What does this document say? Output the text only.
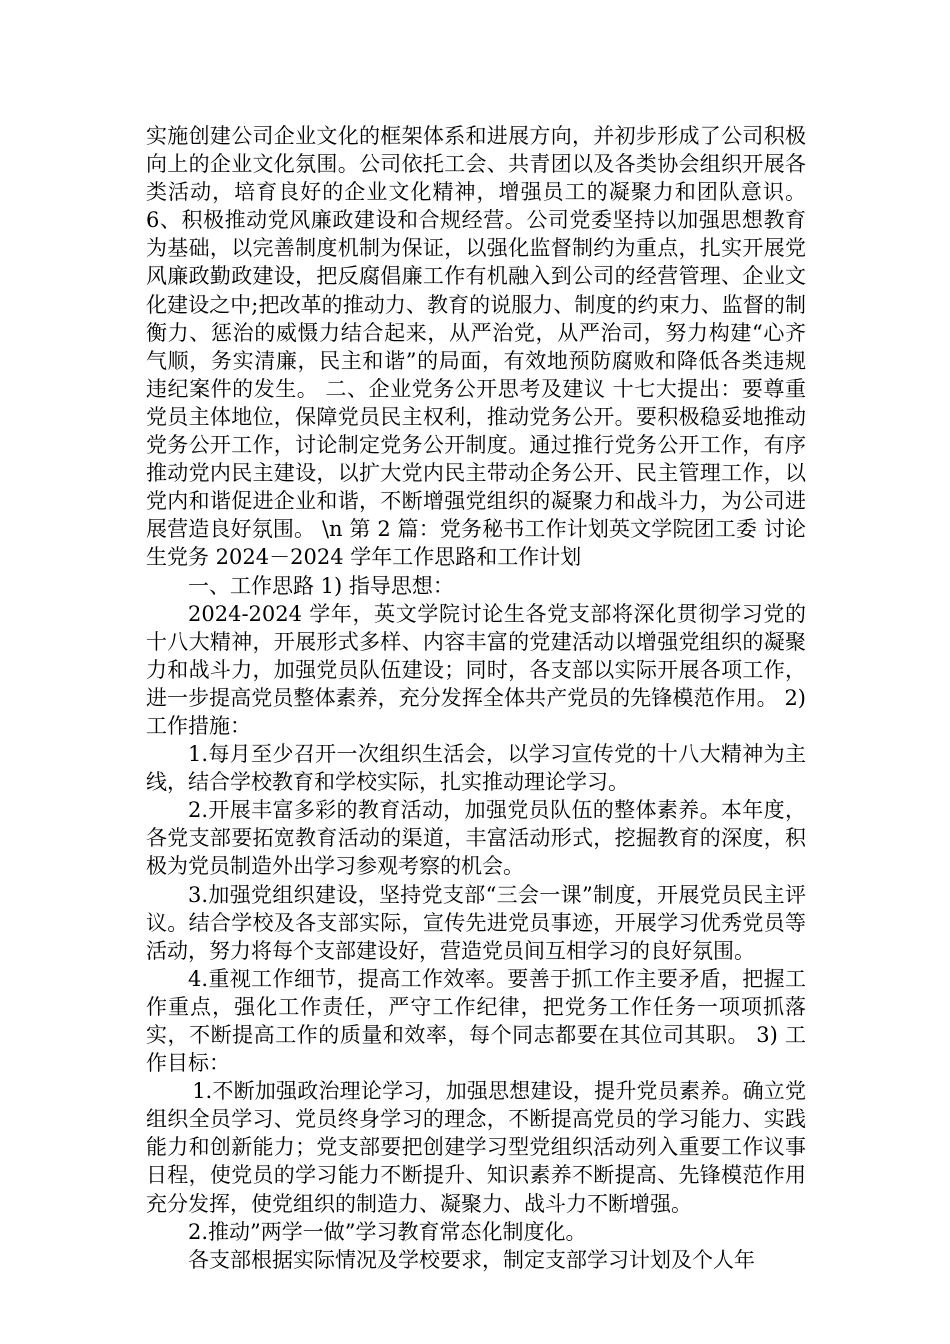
实施创建公司企业文化的框架体系和进展方向，并初步形成了公司积极向上的企业文化氛围。公司依托工会、共青团以及各类协会组织开展各类活动，培育良好的企业文化精神，增强员工的凝聚力和团队意识。 6、积极推动党风廉政建设和合规经营。公司党委坚持以加强思想教育为基础，以完善制度机制为保证，以强化监督制约为重点，扎实开展党风廉政勤政建设，把反腐倡廉工作有机融入到公司的经营管理、企业文化建设之中;把改革的推动力、教育的说服力、制度的约束力、监督的制衡力、惩治的威慑力结合起来，从严治党，从严治司，努力构建“心齐气顺，务实清廉，民主和谐”的局面，有效地预防腐败和降低各类违规违纪案件的发生。 二、企业党务公开思考及建议 十七大提出：要尊重党员主体地位，保障党员民主权利，推动党务公开。要积极稳妥地推动党务公开工作，讨论制定党务公开制度。通过推行党务公开工作，有序推动党内民主建设，以扩大党内民主带动企务公开、民主管理工作，以党内和谐促进企业和谐，不断增强党组织的凝聚力和战斗力，为公司进展营造良好氛围。 \n 第 2 篇：党务秘书工作计划英文学院团工委 讨论生党务 2024－2024 学年工作思路和工作计划

一、工作思路 1) 指导思想：

2024-2024 学年，英文学院讨论生各党支部将深化贯彻学习党的十八大精神，开展形式多样、内容丰富的党建活动以增强党组织的凝聚力和战斗力，加强党员队伍建设；同时，各支部以实际开展各项工作，进一步提高党员整体素养，充分发挥全体共产党员的先锋模范作用。 2) 工作措施：

1.每月至少召开一次组织生活会，以学习宣传党的十八大精神为主线，结合学校教育和学校实际，扎实推动理论学习。

2.开展丰富多彩的教育活动，加强党员队伍的整体素养。本年度，各党支部要拓宽教育活动的渠道，丰富活动形式，挖掘教育的深度，积极为党员制造外出学习参观考察的机会。

3.加强党组织建设，坚持党支部“三会一课”制度，开展党员民主评议。结合学校及各支部实际，宣传先进党员事迹，开展学习优秀党员等活动，努力将每个支部建设好，营造党员间互相学习的良好氛围。

4.重视工作细节，提高工作效率。要善于抓工作主要矛盾，把握工作重点，强化工作责任，严守工作纪律，把党务工作任务一项项抓落实，不断提高工作的质量和效率，每个同志都要在其位司其职。 3) 工作目标：

1.不断加强政治理论学习，加强思想建设，提升党员素养。确立党组织全员学习、党员终身学习的理念，不断提高党员的学习能力、实践能力和创新能力；党支部要把创建学习型党组织活动列入重要工作议事日程，使党员的学习能力不断提升、知识素养不断提高、先锋模范作用充分发挥，使党组织的制造力、凝聚力、战斗力不断增强。

2.推动”两学一做”学习教育常态化制度化。

各支部根据实际情况及学校要求，制定支部学习计划及个人年
